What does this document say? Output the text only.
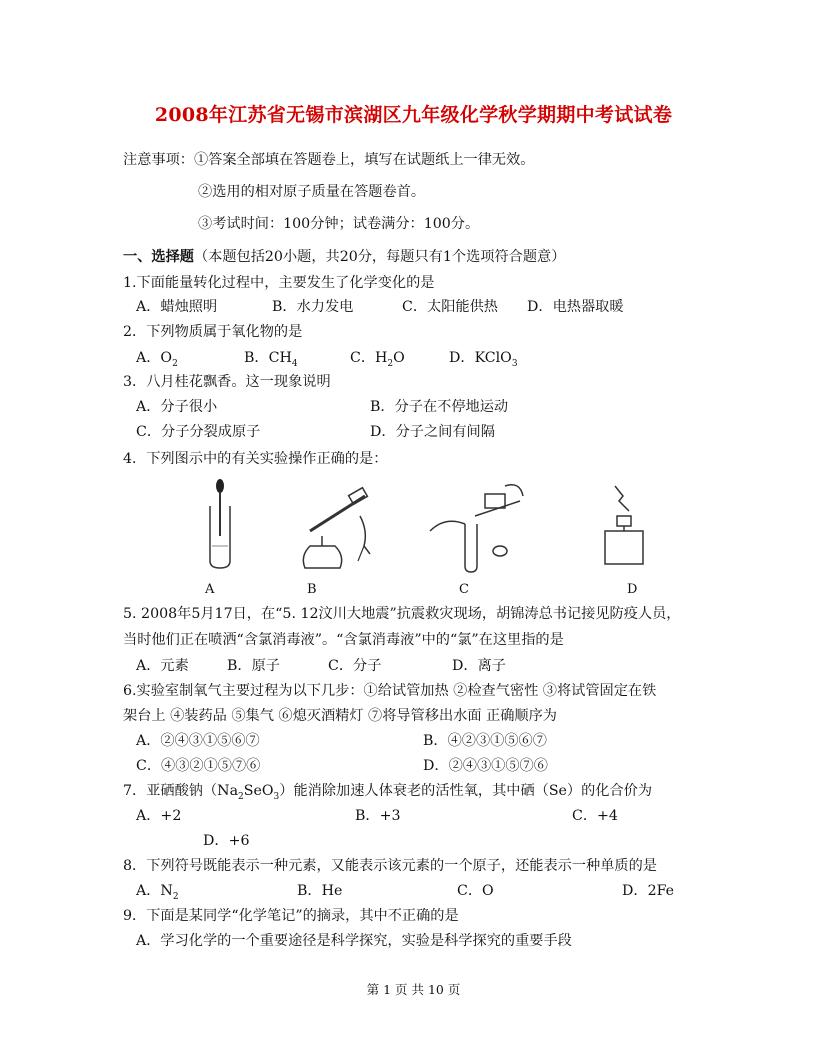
2008年江苏省无锡市滨湖区九年级化学秋学期期中考试试卷
注意事项：①答案全部填在答题卷上，填写在试题纸上一律无效。
②选用的相对原子质量在答题卷首。
③考试时间：100分钟；试卷满分：100分。
一、选择题（本题包括20小题，共20分，每题只有1个选项符合题意）
1.下面能量转化过程中，主要发生了化学变化的是
A．蜡烛照明	B．水力发电	C．太阳能供热 D．电热器取暖
2．下列物质属于氧化物的是
A．$O_2$	B．$CH_4$	C．$H_2O$	D．KClO$_3$
3．八月桂花飘香。这一现象说明
A．分子很小	B．分子在不停地运动
C．分子分裂成原子	D．分子之间有间隔
4．下列图示中的有关实验操作正确的是：
A	B	C	D
5. 2008年5月17日，在“5. 12汶川大地震”抗震救灾现场，胡锦涛总书记接见防疫人员，
当时他们正在喷洒“含氯消毒液”。“含氯消毒液”中的“氯”在这里指的是
A．元素	B．原子	C．分子	D．离子
6.实验室制氧气主要过程为以下几步：①给试管加热 ②检查气密性 ③将试管固定在铁
架台上 ④装药品 ⑤集气 ⑥熄灭酒精灯 ⑦将导管移出水面 正确顺序为
A．②④③①⑤⑥⑦	B．④②③①⑤⑥⑦
C．④③②①⑤⑦⑥	D．②④③①⑤⑦⑥
7．亚硒酸钠$(Na_2SeO_3)$能消除加速人体衰老的活性氧，其中硒（Se）的化合价为
A．+2	B．+3	C．+4
D．+6
8．下列符号既能表示一种元素，又能表示该元素的一个原子，还能表示一种单质的是
A．$N_2$	B．He	C．O	D．2Fe
9．下面是某同学“化学笔记”的摘录，其中不正确的是
A．学习化学的一个重要途径是科学探究，实验是科学探究的重要手段
第 1 页 共 10 页
